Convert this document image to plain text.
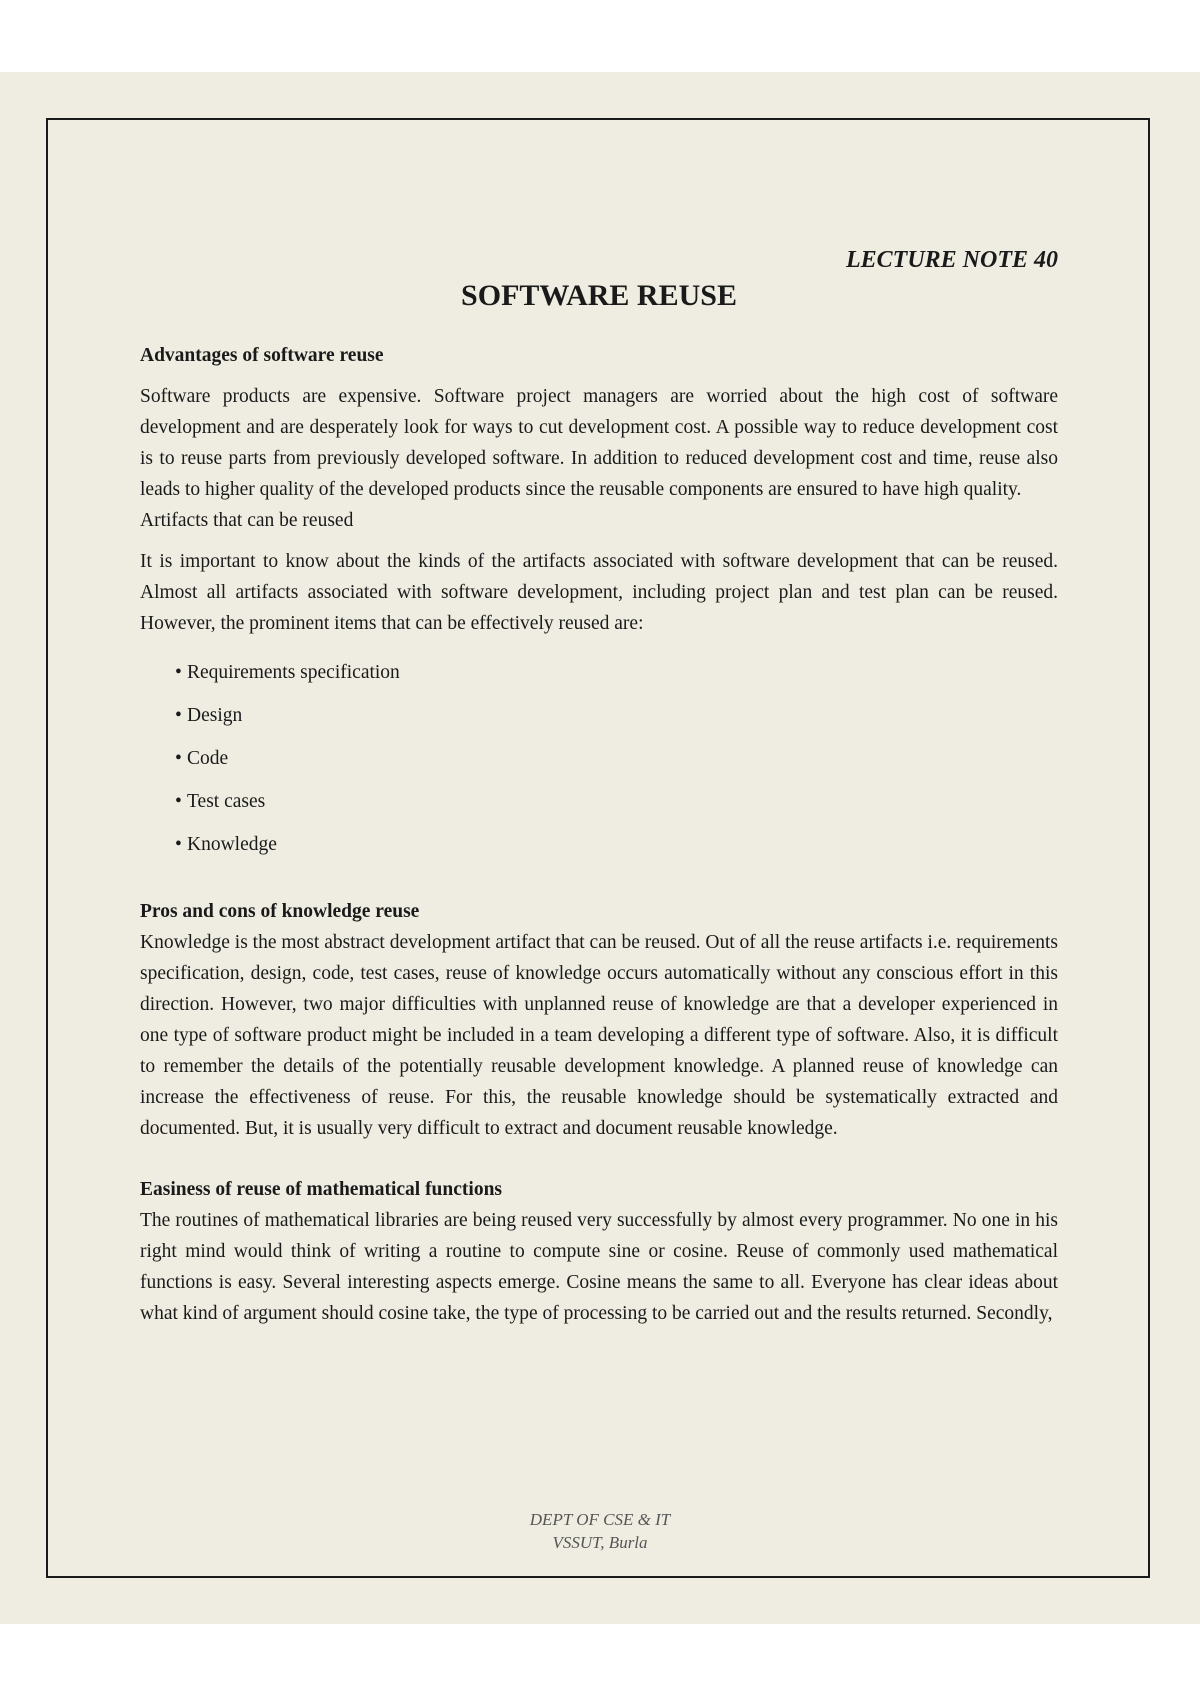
LECTURE NOTE 40

SOFTWARE REUSE

Advantages of software reuse

Software products are expensive. Software project managers are worried about the high cost of software development and are desperately look for ways to cut development cost. A possible way to reduce development cost is to reuse parts from previously developed software. In addition to reduced development cost and time, reuse also leads to higher quality of the developed products since the reusable components are ensured to have high quality.

Artifacts that can be reused

It is important to know about the kinds of the artifacts associated with software development that can be reused. Almost all artifacts associated with software development, including project plan and test plan can be reused. However, the prominent items that can be effectively reused are:

• Requirements specification
• Design
• Code
• Test cases
• Knowledge

Pros and cons of knowledge reuse

Knowledge is the most abstract development artifact that can be reused. Out of all the reuse artifacts i.e. requirements specification, design, code, test cases, reuse of knowledge occurs automatically without any conscious effort in this direction. However, two major difficulties with unplanned reuse of knowledge are that a developer experienced in one type of software product might be included in a team developing a different type of software. Also, it is difficult to remember the details of the potentially reusable development knowledge. A planned reuse of knowledge can increase the effectiveness of reuse. For this, the reusable knowledge should be systematically extracted and documented. But, it is usually very difficult to extract and document reusable knowledge.

Easiness of reuse of mathematical functions

The routines of mathematical libraries are being reused very successfully by almost every programmer. No one in his right mind would think of writing a routine to compute sine or cosine. Reuse of commonly used mathematical functions is easy. Several interesting aspects emerge. Cosine means the same to all. Everyone has clear ideas about what kind of argument should cosine take, the type of processing to be carried out and the results returned. Secondly,

DEPT OF CSE & IT
VSSUT, Burla
